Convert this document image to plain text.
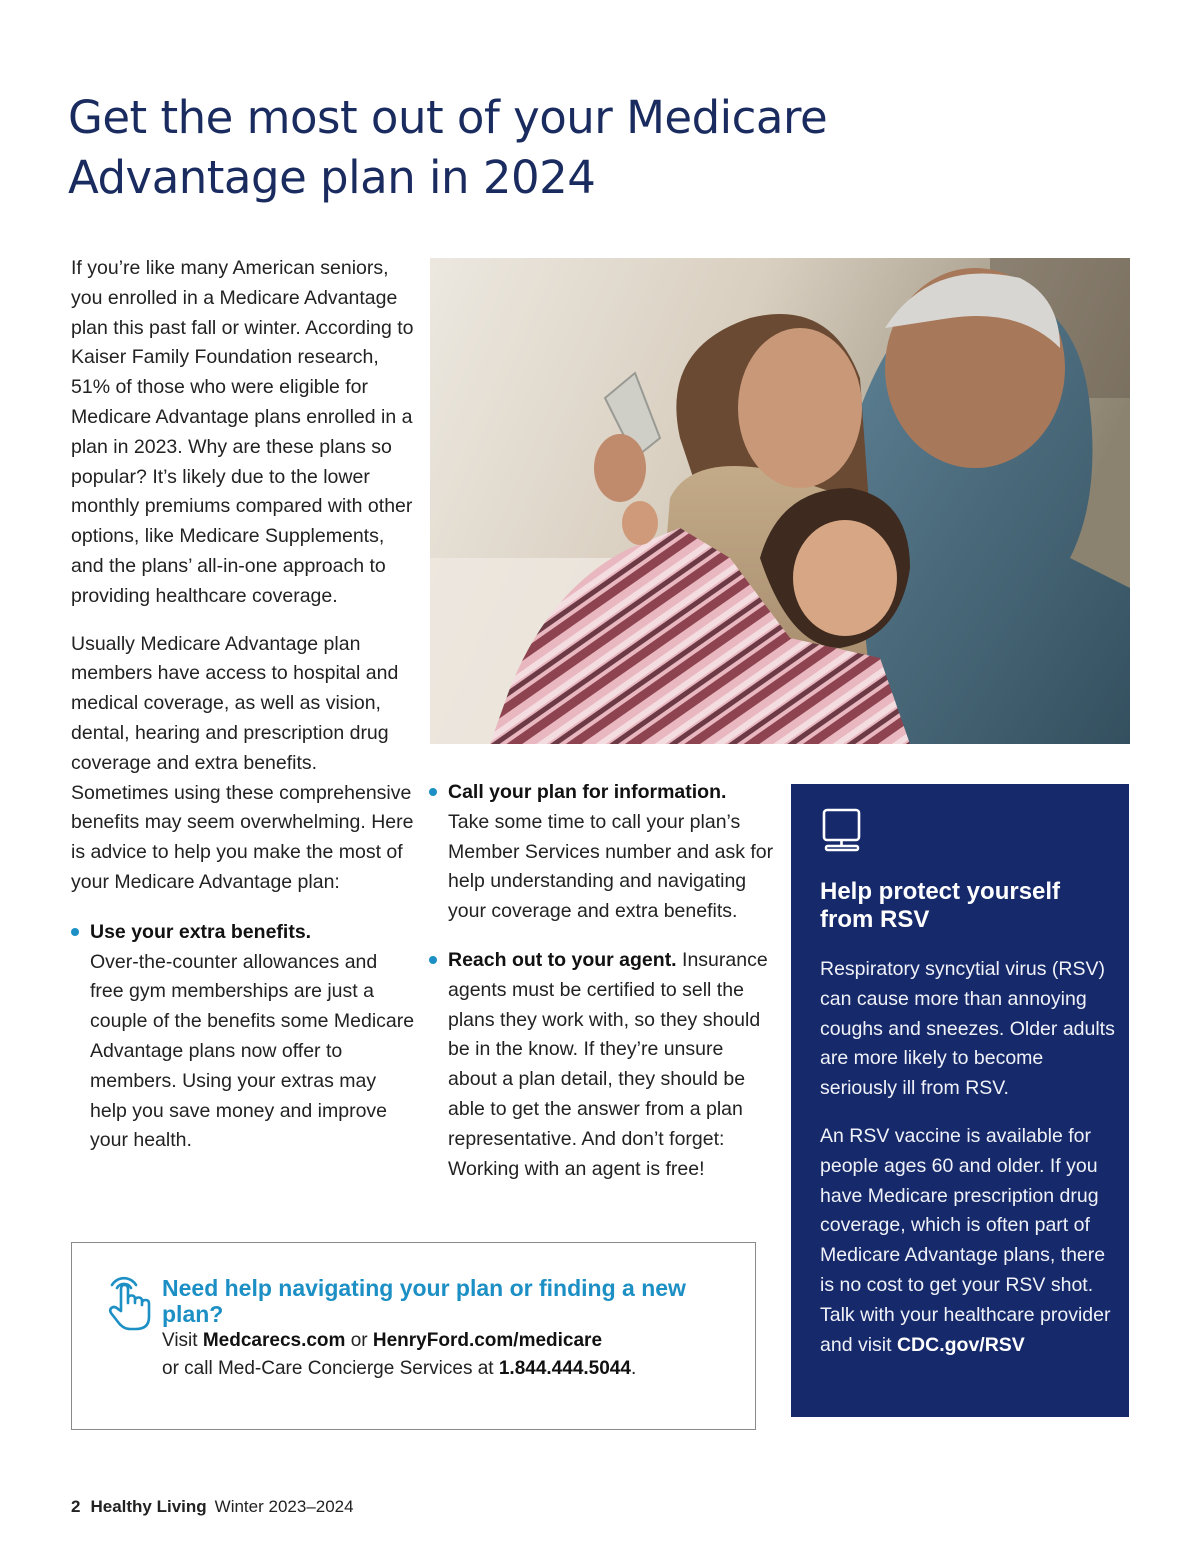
Get the most out of your Medicare Advantage plan in 2024

If you’re like many American seniors, you enrolled in a Medicare Advantage plan this past fall or winter. According to Kaiser Family Foundation research, 51% of those who were eligible for Medicare Advantage plans enrolled in a plan in 2023. Why are these plans so popular? It’s likely due to the lower monthly premiums compared with other options, like Medicare Supplements, and the plans’ all-in-one approach to providing healthcare coverage.

Usually Medicare Advantage plan members have access to hospital and medical coverage, as well as vision, dental, hearing and prescription drug coverage and extra benefits. Sometimes using these comprehensive benefits may seem overwhelming. Here is advice to help you make the most of your Medicare Advantage plan:

Use your extra benefits.
Over-the-counter allowances and free gym memberships are just a couple of the benefits some Medicare Advantage plans now offer to members. Using your extras may help you save money and improve your health.
Call your plan for information.
Take some time to call your plan’s Member Services number and ask for help understanding and navigating your coverage and extra benefits.
Reach out to your agent. Insurance agents must be certified to sell the plans they work with, so they should be in the know. If they’re unsure about a plan detail, they should be able to get the answer from a plan representative. And don’t forget: Working with an agent is free!
Help protect yourself from RSV

Respiratory syncytial virus (RSV) can cause more than annoying coughs and sneezes. Older adults are more likely to become seriously ill from RSV.

An RSV vaccine is available for people ages 60 and older. If you have Medicare prescription drug coverage, which is often part of Medicare Advantage plans, there is no cost to get your RSV shot. Talk with your healthcare provider and visit CDC.gov/RSV

Need help navigating your plan or finding a new plan?
Visit Medcarecs.com or HenryFord.com/medicare
or call Med-Care Concierge Services at 1.844.444.5044.
2 Healthy Living Winter 2023–2024
